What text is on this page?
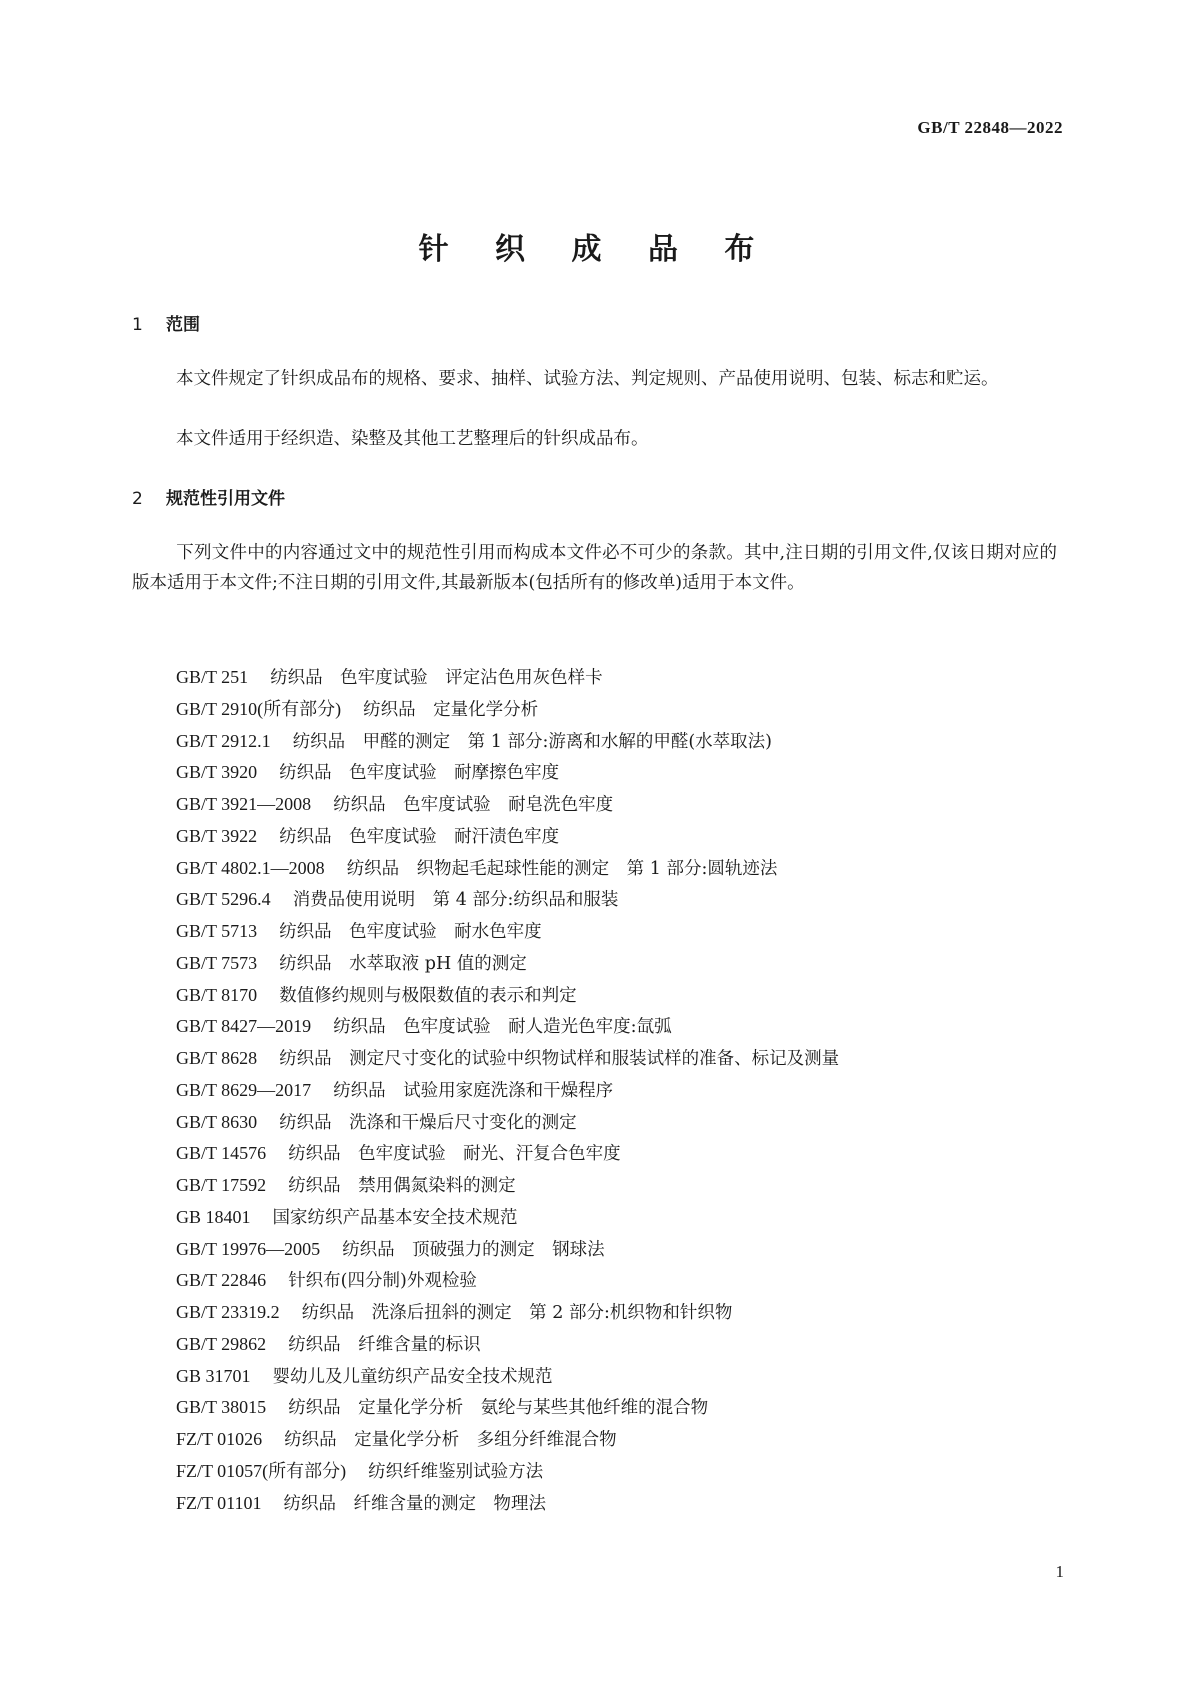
GB/T 22848—2022
针 织 成 品 布
1 范围
本文件规定了针织成品布的规格、要求、抽样、试验方法、判定规则、产品使用说明、包装、标志和贮运。
本文件适用于经织造、染整及其他工艺整理后的针织成品布。
2 规范性引用文件
下列文件中的内容通过文中的规范性引用而构成本文件必不可少的条款。其中,注日期的引用文件,仅该日期对应的版本适用于本文件;不注日期的引用文件,其最新版本(包括所有的修改单)适用于本文件。
GB/T 251 纺织品　色牢度试验　评定沾色用灰色样卡
GB/T 2910(所有部分) 纺织品　定量化学分析
GB/T 2912.1 纺织品　甲醛的测定　第 1 部分:游离和水解的甲醛(水萃取法)
GB/T 3920 纺织品　色牢度试验　耐摩擦色牢度
GB/T 3921—2008 纺织品　色牢度试验　耐皂洗色牢度
GB/T 3922 纺织品　色牢度试验　耐汗渍色牢度
GB/T 4802.1—2008 纺织品　织物起毛起球性能的测定　第 1 部分:圆轨迹法
GB/T 5296.4 消费品使用说明　第 4 部分:纺织品和服装
GB/T 5713 纺织品　色牢度试验　耐水色牢度
GB/T 7573 纺织品　水萃取液 pH 值的测定
GB/T 8170 数值修约规则与极限数值的表示和判定
GB/T 8427—2019 纺织品　色牢度试验　耐人造光色牢度:氙弧
GB/T 8628 纺织品　测定尺寸变化的试验中织物试样和服装试样的准备、标记及测量
GB/T 8629—2017 纺织品　试验用家庭洗涤和干燥程序
GB/T 8630 纺织品　洗涤和干燥后尺寸变化的测定
GB/T 14576 纺织品　色牢度试验　耐光、汗复合色牢度
GB/T 17592 纺织品　禁用偶氮染料的测定
GB 18401 国家纺织产品基本安全技术规范
GB/T 19976—2005 纺织品　顶破强力的测定　钢球法
GB/T 22846 针织布(四分制)外观检验
GB/T 23319.2 纺织品　洗涤后扭斜的测定　第 2 部分:机织物和针织物
GB/T 29862 纺织品　纤维含量的标识
GB 31701 婴幼儿及儿童纺织产品安全技术规范
GB/T 38015 纺织品　定量化学分析　氨纶与某些其他纤维的混合物
FZ/T 01026 纺织品　定量化学分析　多组分纤维混合物
FZ/T 01057(所有部分) 纺织纤维鉴别试验方法
FZ/T 01101 纺织品　纤维含量的测定　物理法
1
